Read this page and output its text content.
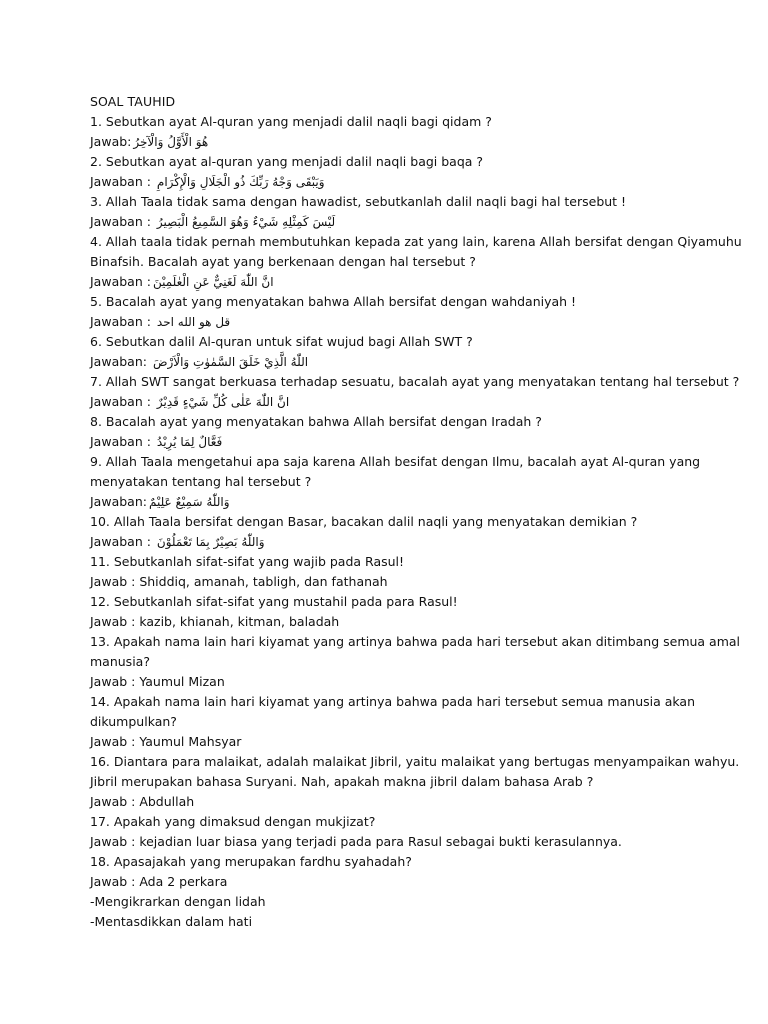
SOAL TAUHID
1. Sebutkan ayat Al-quran yang menjadi dalil naqli bagi qidam ?
Jawab: هُوَ الْأَوَّلُ وَالْآخِرُ
2. Sebutkan ayat al-quran yang menjadi dalil naqli bagi baqa ?
Jawaban : وَيَبْقَى وَجْهُ رَبِّكَ ذُو الْجَلَالِ وَالْإِكْرَامِ
3. Allah Taala tidak sama dengan hawadist, sebutkanlah dalil naqli bagi hal tersebut !
Jawaban : لَيْسَ كَمِثْلِهِ شَيْءٌ وَهُوَ السَّمِيعُ الْبَصِيرُ
4. Allah taala tidak pernah membutuhkan kepada zat yang lain, karena Allah bersifat dengan Qiyamuhu
Binafsih. Bacalah ayat yang berkenaan dengan hal tersebut ?
Jawaban : انَّ اللّٰهَ لَغَنِيٌّ عَنِ الْعٰلَمِيْنَ
5. Bacalah ayat yang menyatakan bahwa Allah bersifat dengan wahdaniyah !
Jawaban : قل هو الله احد
6. Sebutkan dalil Al-quran untuk sifat wujud bagi Allah SWT ?
Jawaban: اللّٰهُ الَّذِيْ خَلَقَ السَّمٰوٰتِ وَالْاَرْضَ
7. Allah SWT sangat berkuasa terhadap sesuatu, bacalah ayat yang menyatakan tentang hal tersebut ?
Jawaban : انَّ اللّٰهَ عَلٰى كُلِّ شَيْءٍ قَدِيْرٌ
8. Bacalah ayat yang menyatakan bahwa Allah bersifat dengan Iradah ?
Jawaban : فَعَّالٌ لِمَا يُرِيْدُ
9. Allah Taala mengetahui apa saja karena Allah besifat dengan Ilmu, bacalah ayat Al-quran yang
menyatakan tentang hal tersebut ?
Jawaban: وَاللّٰهُ سَمِيْعٌ عَلِيْمٌ
10. Allah Taala bersifat dengan Basar, bacakan dalil naqli yang menyatakan demikian ?
Jawaban : وَاللّٰهُ بَصِيْرٌ بِمَا تَعْمَلُوْنَ
11. Sebutkanlah sifat-sifat yang wajib pada Rasul!
Jawab : Shiddiq, amanah, tabligh, dan fathanah
12. Sebutkanlah sifat-sifat yang mustahil pada para Rasul!
Jawab : kazib, khianah, kitman, baladah
13. Apakah nama lain hari kiyamat yang artinya bahwa pada hari tersebut akan ditimbang semua amal
manusia?
Jawab : Yaumul Mizan
14. Apakah nama lain hari kiyamat yang artinya bahwa pada hari tersebut semua manusia akan
dikumpulkan?
Jawab : Yaumul Mahsyar
16. Diantara para malaikat, adalah malaikat Jibril, yaitu malaikat yang bertugas menyampaikan wahyu.
Jibril merupakan bahasa Suryani. Nah, apakah makna jibril dalam bahasa Arab ?
Jawab : Abdullah
17. Apakah yang dimaksud dengan mukjizat?
Jawab : kejadian luar biasa yang terjadi pada para Rasul sebagai bukti kerasulannya.
18. Apasajakah yang merupakan fardhu syahadah?
Jawab : Ada 2 perkara
-Mengikrarkan dengan lidah
-Mentasdikkan dalam hati
